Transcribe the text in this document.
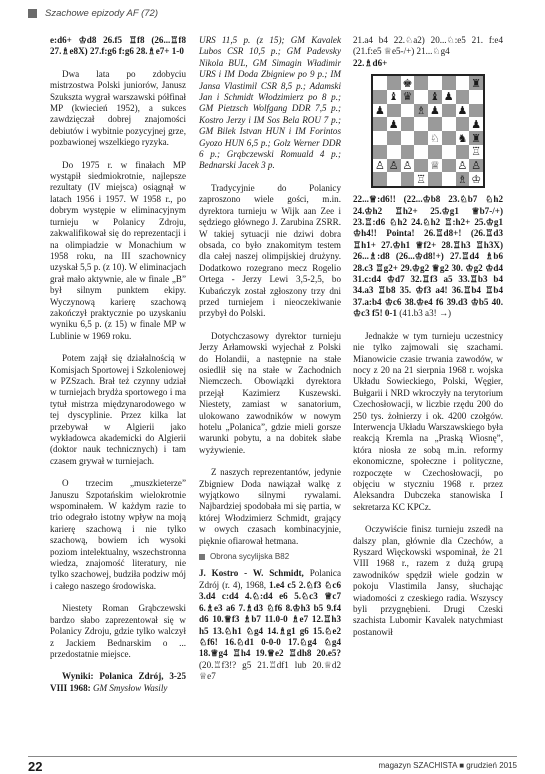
Szachowe epizody AF (72)

e:d6+ ♔d8 26.f5 ♖f8 (26...♖f8 27.♗e8X) 27.f:g6 f:g6 28.♗e7+ 1-0

Dwa lata po zdobyciu mistrzostwa Polski juniorów, Janusz Szukszta wygrał warszawski półfinał MP (kwiecień 1952), a sukces zawdzięczał dobrej znajomości debiutów i wybitnie pozycyjnej grze, pozbawionej wszelkiego ryzyka.

Do 1975 r. w finałach MP wystąpił siedmiokrotnie, najlepsze rezultaty (IV miejsca) osiągnął w latach 1956 i 1957. W 1958 r., po dobrym występie w eliminacyjnym turnieju w Polanicy Zdroju, zakwalifikował się do reprezentacji i na olimpiadzie w Monachium w 1958 roku, na III szachownicy uzyskał 5,5 p. (z 10). W eliminacjach grał mało aktywnie, ale w finale „B” był silnym punktem ekipy. Wyczynową karierę szachową zakończył praktycznie po uzyskaniu wyniku 6,5 p. (z 15) w finale MP w Lublinie w 1969 roku.

Potem zajął się działalnością w Komisjach Sportowej i Szkoleniowej w PZSzach. Brał też czynny udział w turniejach brydża sportowego i ma tytuł mistrza międzynarodowego w tej dyscyplinie. Przez kilka lat przebywał w Algierii jako wykładowca akademicki do Algierii (doktor nauk technicznych) i tam czasem grywał w turniejach.

O trzecim „muszkieterze” Januszu Szpotańskim wielokrotnie wspominałem. W każdym razie to trio odegrało istotny wpływ na moją karierę szachową i nie tylko szachową, bowiem ich wysoki poziom intelektualny, wszechstronna wiedza, znajomość literatury, nie tylko szachowej, budziła podziw mój i całego naszego środowiska.

Niestety Roman Grąbczewski bardzo słabo zaprezentował się w Polanicy Zdroju, gdzie tylko walczył z Jackiem Bednarskim o ... przedostatnie miejsce.

Wyniki: Polanica Zdrój, 3-25 VIII 1968: GM Smysłow Wasily

URS 11,5 p. (z 15); GM Kavalek Lubos CSR 10,5 p.; GM Padevsky Nikola BUL, GM Simagin Władimir URS i IM Doda Zbigniew po 9 p.; IM Jansa Vlastimil CSR 8,5 p.; Adamski Jan i Schmidt Włodzimierz po 8 p.; GM Pietzsch Wolfgang DDR 7,5 p.; Kostro Jerzy i IM Sos Bela ROU 7 p.; GM Bilek Istvan HUN i IM Forintos Gyozo HUN 6,5 p.; Golz Werner DDR 6 p.; Grąbczewski Romuald 4 p.; Bednarski Jacek 3 p.

Tradycyjnie do Polanicy zaproszono wiele gości, m.in. dyrektora turnieju w Wijk aan Zee i sędziego głównego J. Zarubina ZSRR. W takiej sytuacji nie dziwi dobra obsada, co było znakomitym testem dla całej naszej olimpijskiej drużyny. Dodatkowo rozegrano mecz Rogelio Ortega - Jerzy Lewi 3,5-2,5, bo Kubańczyk został zgłoszony trzy dni przed turniejem i nieoczekiwanie przybył do Polski.

Dotychczasowy dyrektor turnieju Jerzy Arłamowski wyjechał z Polski do Holandii, a następnie na stałe osiedlił się na stałe w Zachodnich Niemczech. Obowiązki dyrektora przejął Kazimierz Kuszewski. Niestety, zamiast w sanatorium, ulokowano zawodników w nowym hotelu „Polanica”, gdzie mieli gorsze warunki pobytu, a na dobitek słabe wyżywienie.

Z naszych reprezentantów, jedynie Zbigniew Doda nawiązał walkę z wyjątkowo silnymi rywalami. Najbardziej spodobała mi się partia, w której Włodzimierz Schmidt, grający w owych czasach kombinacyjnie, pięknie ofiarował hetmana.

Obrona sycylijska B82

J. Kostro - W. Schmidt, Polanica Zdrój (r. 4), 1968, 1.e4 c5 2.♘f3 ♘c6 3.d4 c:d4 4.♘:d4 e6 5.♘c3 ♕c7 6.♗e3 a6 7.♗d3 ♘f6 8.♔h3 b5 9.f4 d6 10.♕f3 ♗b7 11.0-0 ♗e7 12.♖h3 h5 13.♘h1 ♘g4 14.♗g1 g6 15.♘e2 ♘f6! 16.♘d1 0-0-0 17.♘g4 ♘g4 18.♕g4 ♖h4 19.♕e2 ♖dh8 20.e5? (20.♖f3!? g5 21.♖df1 lub 20.♕d2 ♕e7

21.a4 b4 22.♘a2) 20...♘:e5 21. f:e4 (21.f:e5 ♕e5-/+) 21...♘g4
22.♗d6+

♚	♜
♝ ♛ ♝ ♟
♟	♗ ♟ ♟
♟	♟
♘ ♞ ♜
♖
♙ ♙ ♙ ♕ ♙ ♙
♖	♗ ♔

22...♕:d6!! (22...♔b8 23.♘b7 ♘h2 24.♔h2 ♖h2+ 25.♔g1 ♕b7-/+) 23.♖:d6 ♘h2 24.♘h2 ♖:h2+ 25.♔g1 ♔h4!! Pointa! 26.♖d8+! (26.♖d3 ♖h1+ 27.♔h1 ♕f2+ 28.♖h3 ♖h3X) 26...♗:d8 (26...♔d8!+) 27.♖d4 ♗b6 28.c3 ♖g2+ 29.♔g2 ♕g2 30. ♔g2 ♔d4 31.c:d4 ♔d7 32.♖f3 a5 33.♖b3 b4 34.a3 ♖b8 35. ♔f3 a4! 36.♖b4 ♖b4 37.a:b4 ♔c6 38.♔e4 f6 39.d3 ♔b5 40. ♔c3 f5! 0-1 (41.b3 a3! →)

Jednakże w tym turnieju uczestnicy nie tylko zajmowali się szachami. Mianowicie czasie trwania zawodów, w nocy z 20 na 21 sierpnia 1968 r. wojska Układu Sowieckiego, Polski, Węgier, Bułgarii i NRD wkroczyły na terytorium Czechosłowacji, w liczbie rzędu 200 do 250 tys. żołnierzy i ok. 4200 czołgów. Interwencja Układu Warszawskiego była reakcją Kremla na „Praską Wiosnę”, która niosła ze sobą m.in. reformy ekonomiczne, społeczne i polityczne, rozpoczęte w Czechosłowacji, po objęciu w styczniu 1968 r. przez Aleksandra Dubczeka stanowiska I sekretarza KC KPCz.

Oczywiście finisz turnieju zszedł na dalszy plan, głównie dla Czechów, a Ryszard Więckowski wspominał, że 21 VIII 1968 r., razem z dużą grupą zawodników spędził wiele godzin w pokoju Vlastimila Jansy, słuchając wiadomości z czeskiego radia. Wszyscy byli przygnębieni. Drugi Czeski szachista Lubomir Kavalek natychmiast postanowił

22	magazyn SZACHISTA ■ grudzień 2015
